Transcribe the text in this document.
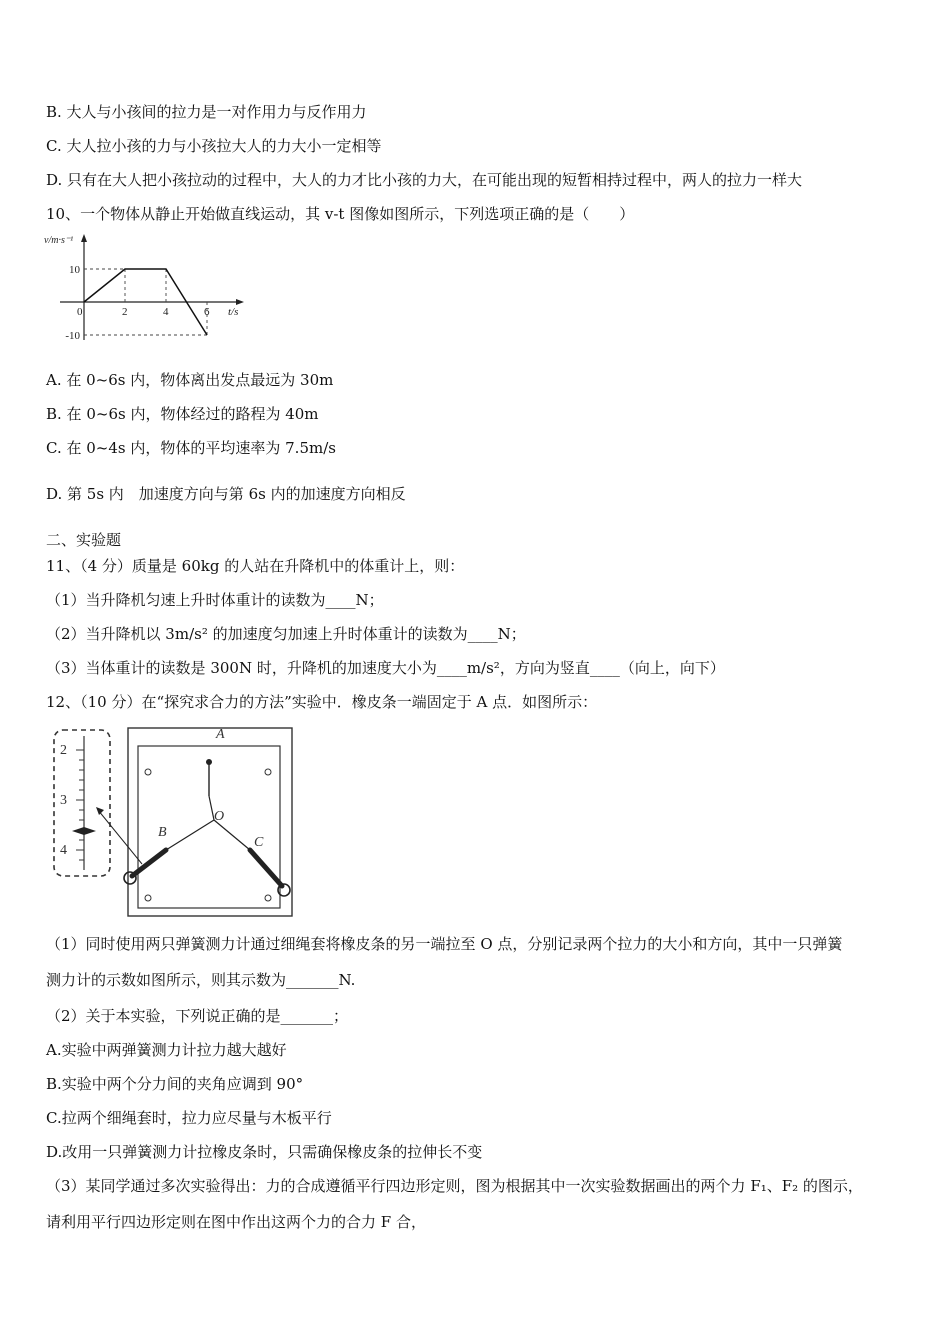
B. 大人与小孩间的拉力是一对作用力与反作用力
C. 大人拉小孩的力与小孩拉大人的力大小一定相等
D. 只有在大人把小孩拉动的过程中，大人的力才比小孩的力大，在可能出现的短暂相持过程中，两人的拉力一样大
10、一个物体从静止开始做直线运动，其 v-t 图像如图所示，下列选项正确的是（　　）
0	2	4	6
10
-10
t/s
v/m·s⁻¹
A. 在 0~6s 内，物体离出发点最远为 30m
B. 在 0~6s 内，物体经过的路程为 40m
C. 在 0~4s 内，物体的平均速率为 7.5m/s
D. 第 5s 内　加速度方向与第 6s 内的加速度方向相反
二、实验题
11、（4 分）质量是 60kg 的人站在升降机中的体重计上，则：
（1）当升降机匀速上升时体重计的读数为____N；
（2）当升降机以 3m/s² 的加速度匀加速上升时体重计的读数为____N；
（3）当体重计的读数是 300N 时，升降机的加速度大小为____m/s²，方向为竖直____（向上，向下）
12、（10 分）在“探究求合力的方法”实验中．橡皮条一端固定于 A 点．如图所示：
2
3
4
A
O
B
C
（1）同时使用两只弹簧测力计通过细绳套将橡皮条的另一端拉至 O 点，分别记录两个拉力的大小和方向，其中一只弹簧
测力计的示数如图所示，则其示数为_______N.
（2）关于本实验，下列说正确的是_______；
A.实验中两弹簧测力计拉力越大越好
B.实验中两个分力间的夹角应调到 90°
C.拉两个细绳套时，拉力应尽量与木板平行
D.改用一只弹簧测力计拉橡皮条时，只需确保橡皮条的拉伸长不变
（3）某同学通过多次实验得出：力的合成遵循平行四边形定则，图为根据其中一次实验数据画出的两个力 F₁、F₂ 的图示，
请利用平行四边形定则在图中作出这两个力的合力 F 合，
